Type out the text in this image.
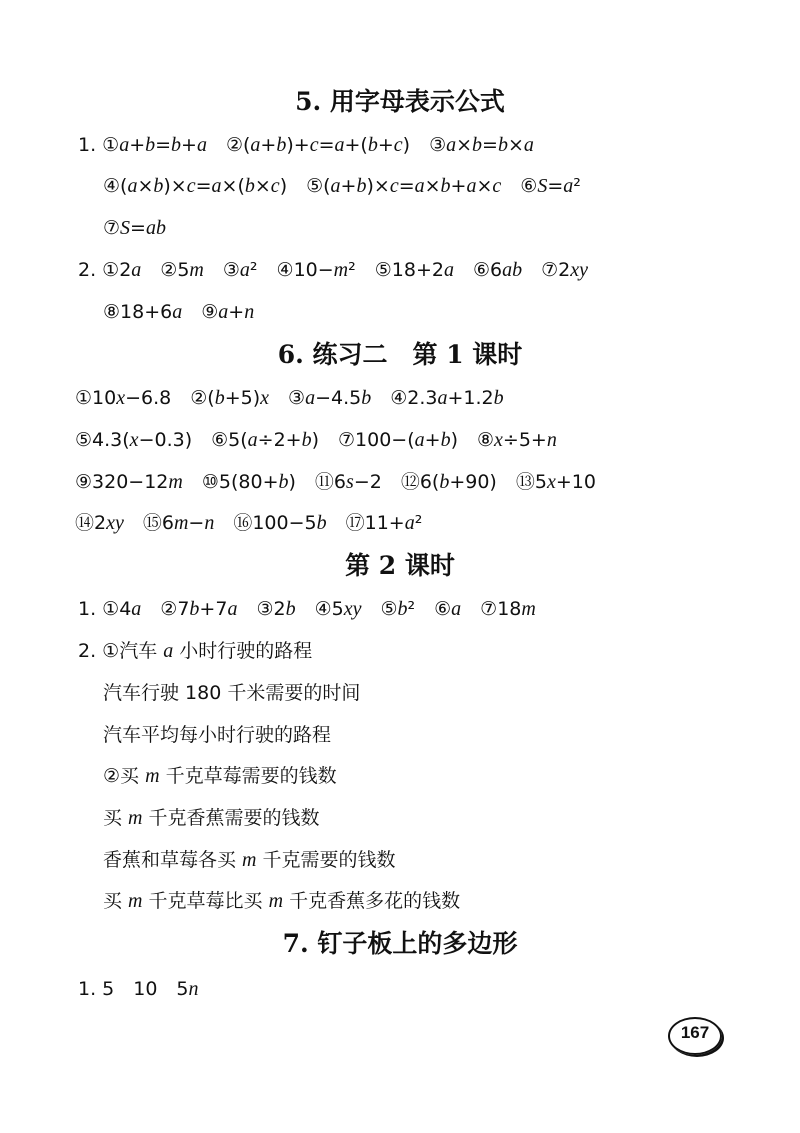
5. 用字母表示公式
1. ①a+b=b+a　②(a+b)+c=a+(b+c)　③a×b=b×a
④(a×b)×c=a×(b×c)　⑤(a+b)×c=a×b+a×c　⑥S=a²
⑦S=ab
2. ①2a　②5m　③a²　④10−m²　⑤18+2a　⑥6ab　⑦2xy
⑧18+6a　⑨a+n
6. 练习二　第 1 课时
①10x−6.8　②(b+5)x　③a−4.5b　④2.3a+1.2b
⑤4.3(x−0.3)　⑥5(a÷2+b)　⑦100−(a+b)　⑧x÷5+n
⑨320−12m　⑩5(80+b)　⑪6s−2　⑫6(b+90)　⑬5x+10
⑭2xy　⑮6m−n　⑯100−5b　⑰11+a²
第 2 课时
1. ①4a　②7b+7a　③2b　④5xy　⑤b²　⑥a　⑦18m
2. ①汽车 a 小时行驶的路程
汽车行驶 180 千米需要的时间
汽车平均每小时行驶的路程
②买 m 千克草莓需要的钱数
买 m 千克香蕉需要的钱数
香蕉和草莓各买 m 千克需要的钱数
买 m 千克草莓比买 m 千克香蕉多花的钱数
7. 钉子板上的多边形
1. 5　10　5n
167
